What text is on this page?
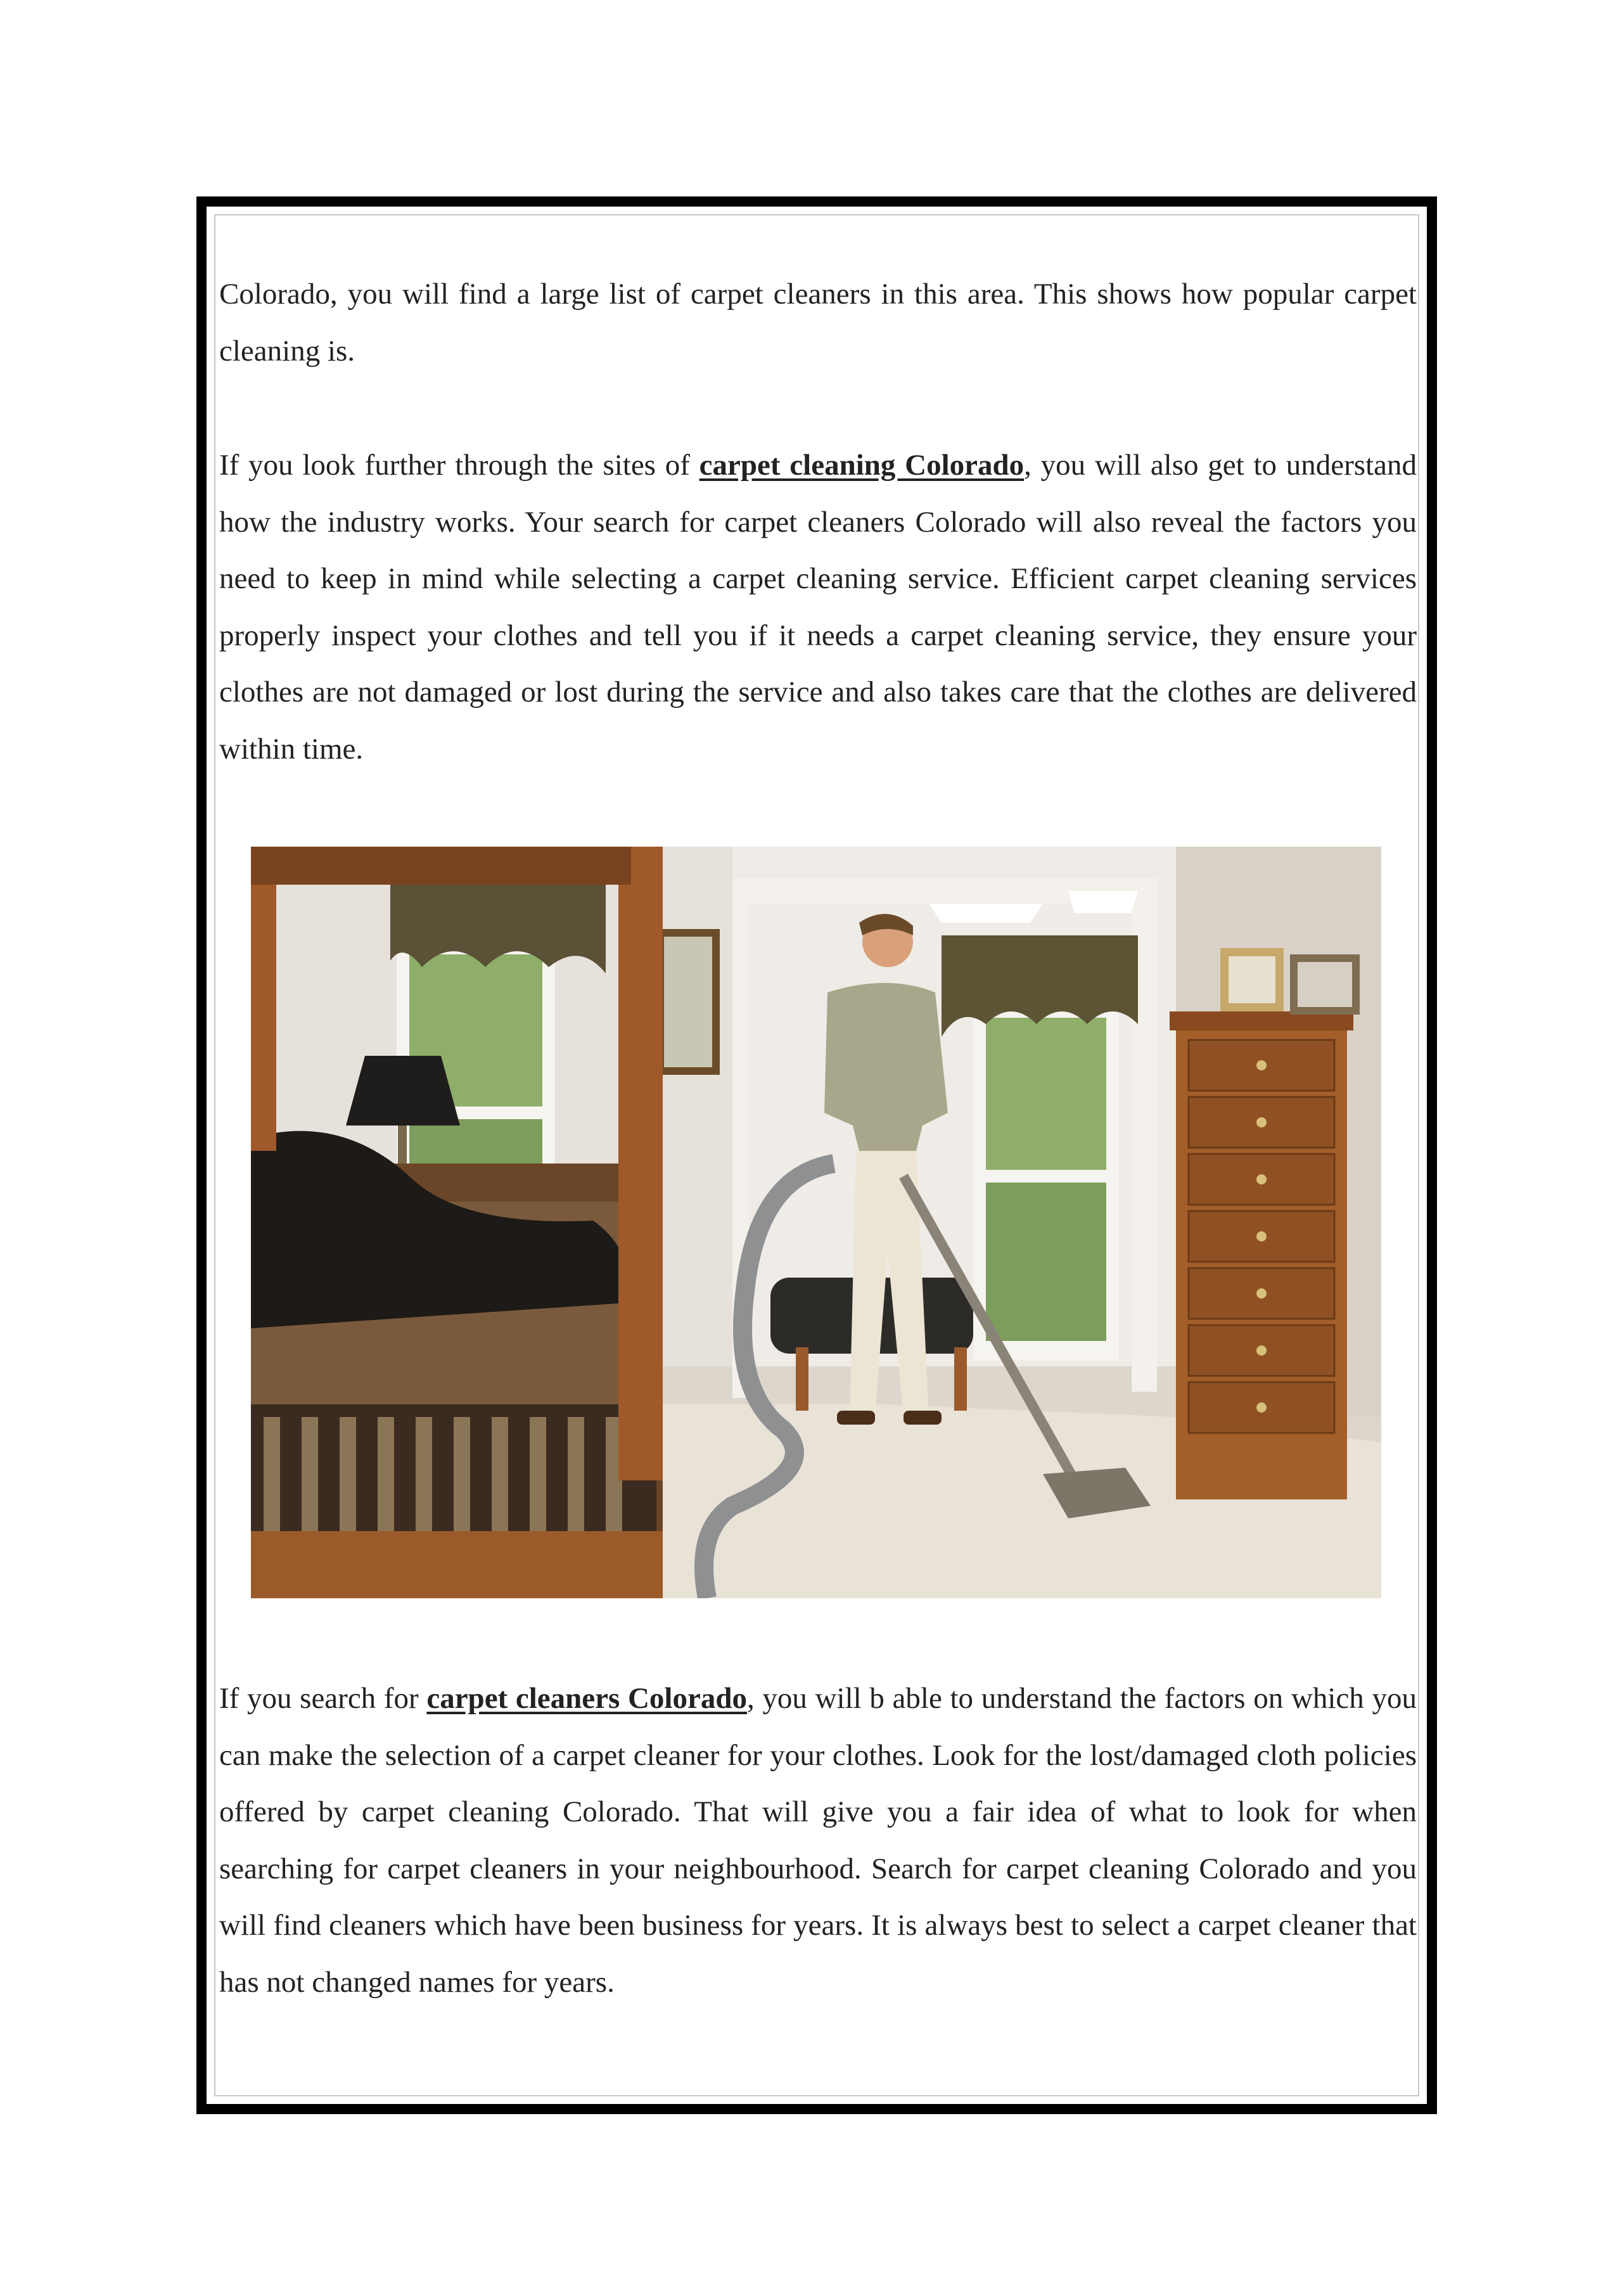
Colorado, you will find a large list of carpet cleaners in this area. This shows how popular carpet cleaning is.

If you look further through the sites of carpet cleaning Colorado, you will also get to understand how the industry works. Your search for carpet cleaners Colorado will also reveal the factors you need to keep in mind while selecting a carpet cleaning service. Efficient carpet cleaning services properly inspect your clothes and tell you if it needs a carpet cleaning service, they ensure your clothes are not damaged or lost during the service and also takes care that the clothes are delivered within time.

If you search for carpet cleaners Colorado, you will b able to understand the factors on which you can make the selection of a carpet cleaner for your clothes. Look for the lost/damaged cloth policies offered by carpet cleaning Colorado. That will give you a fair idea of what to look for when searching for carpet cleaners in your neighbourhood. Search for carpet cleaning Colorado and you will find cleaners which have been business for years. It is always best to select a carpet cleaner that has not changed names for years.
